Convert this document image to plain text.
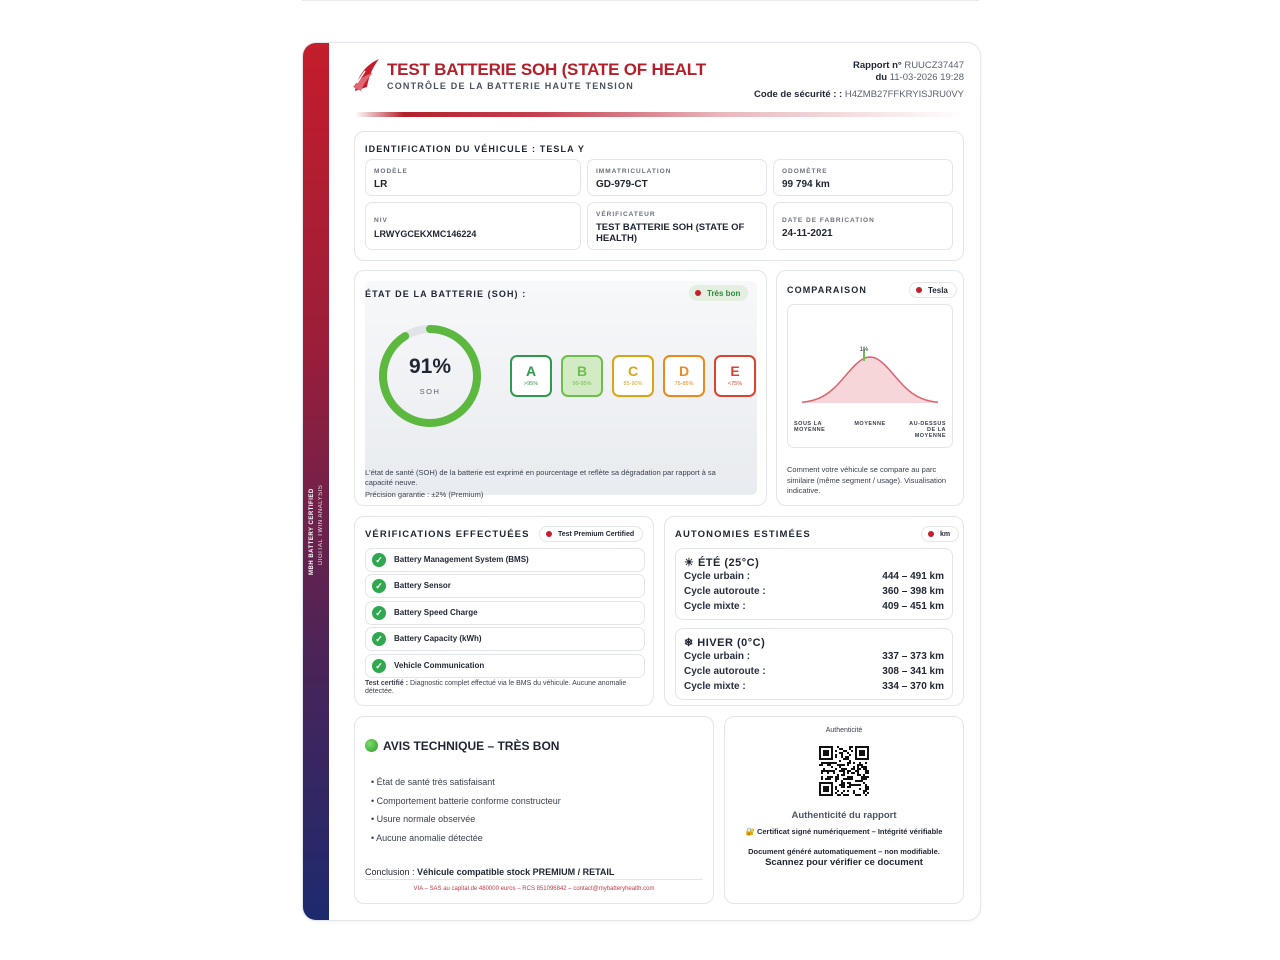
MBH BATTERY CERTIFIED DIGITAL TWIN ANALYSIS
TEST BATTERIE SOH (STATE OF HEALT
CONTRÔLE DE LA BATTERIE HAUTE TENSION
Rapport n° RUUCZ37447
du 11-03-2026 19:28
Code de sécurité : : H4ZMB27FFKRYISJRU0VY
IDENTIFICATION DU VÉHICULE : TESLA Y
MODÈLE
LR
IMMATRICULATION
GD-979-CT
ODOMÈTRE
99 794 km
NIV
LRWYGCEKXMC146224
VÉRIFICATEUR
TEST BATTERIE SOH (STATE OF HEALTH)
DATE DE FABRICATION
24-11-2021
ÉTAT DE LA BATTERIE (SOH) :	Très bon
91%
SOH
A
>95%
B
90-95%
C
85-90%
D
75-85%
E
<75%
L'état de santé (SOH) de la batterie est exprimé en pourcentage et reflète sa dégradation par rapport à sa capacité neuve.
Précision garantie : ±2% (Premium)
COMPARAISON	Tesla
1%
SOUS LA MOYENNE
MOYENNE	AU-DESSUS DE LA MOYENNE
Comment votre véhicule se compare au parc similaire (même segment / usage). Visualisation indicative.
VÉRIFICATIONS EFFECTUÉES	Test Premium Certified
✓	Battery Management System (BMS)
✓	Battery Sensor
✓	Battery Speed Charge
✓	Battery Capacity (kWh)
✓	Vehicle Communication
Test certifié : Diagnostic complet effectué via le BMS du véhicule. Aucune anomalie détectée.
AUTONOMIES ESTIMÉES	km
☀ ÉTÉ (25°C)
Cycle urbain :	444 – 491 km
Cycle autoroute :	360 – 398 km
Cycle mixte :	409 – 451 km
❄ HIVER (0°C)
Cycle urbain :	337 – 373 km
Cycle autoroute :	308 – 341 km
Cycle mixte :	334 – 370 km
AVIS TECHNIQUE – TRÈS BON
• État de santé très satisfaisant
• Comportement batterie conforme constructeur
• Usure normale observée
• Aucune anomalie détectée
Conclusion : Véhicule compatible stock PREMIUM / RETAIL
VIA – SAS au capital de 480000 euros – RCS 851096842 – contact@mybatteryhealth.com
Authenticité
Authenticité du rapport
🔐 Certificat signé numériquement – Intégrité vérifiable
Document généré automatiquement – non modifiable.
Scannez pour vérifier ce document
